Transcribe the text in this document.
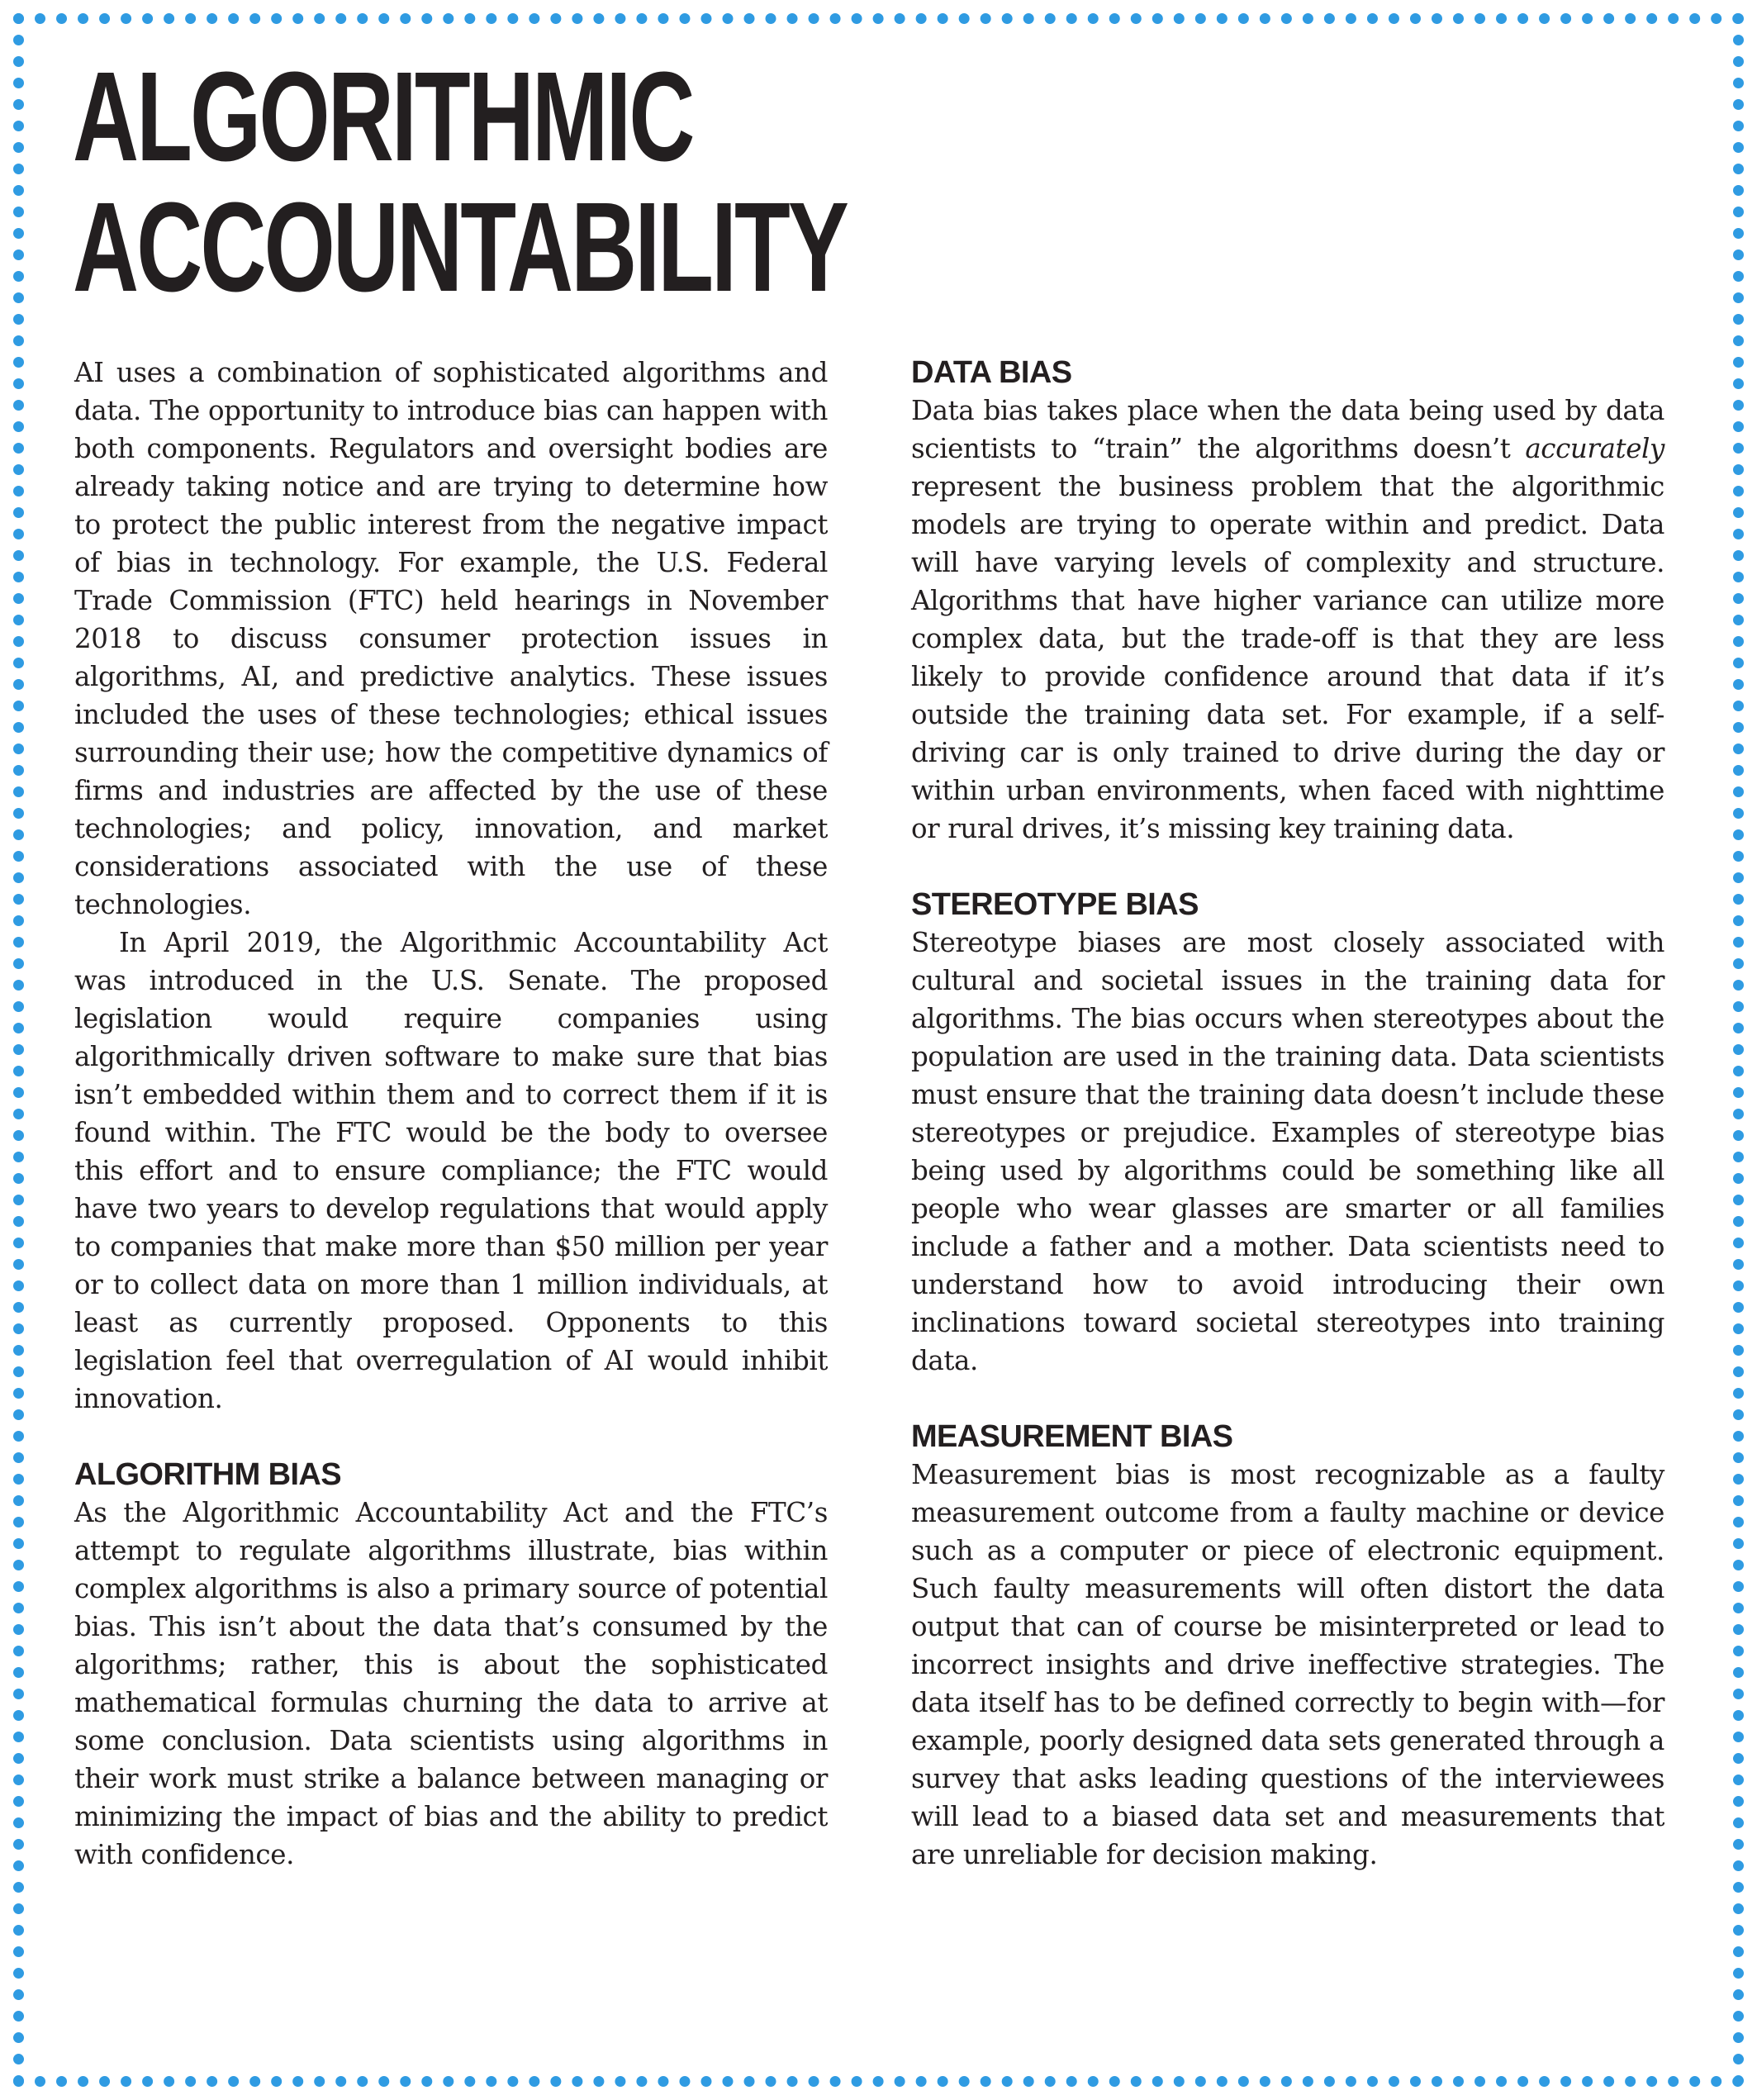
ALGORITHMIC
ACCOUNTABILITY

AI uses a combination of sophisticated algorithms and data. The opportunity to introduce bias can happen with both components. Regulators and oversight bodies are already taking notice and are trying to determine how to protect the public interest from the negative impact of bias in technology. For example, the U.S. Federal Trade Commission (FTC) held hearings in November 2018 to discuss consumer protection issues in algorithms, AI, and predictive analytics. These issues included the uses of these technologies; ethical issues surrounding their use; how the competitive dynamics of firms and industries are affected by the use of these technologies; and policy, innovation, and market considerations associated with the use of these technologies.

In April 2019, the Algorithmic Accountability Act was introduced in the U.S. Senate. The proposed legislation would require companies using algorithmically driven software to make sure that bias isn’t embedded within them and to correct them if it is found within. The FTC would be the body to oversee this effort and to ensure compliance; the FTC would have two years to develop regulations that would apply to companies that make more than $50 million per year or to collect data on more than 1 million individuals, at least as currently proposed. Opponents to this legislation feel that overregulation of AI would inhibit innovation.

ALGORITHM BIAS

As the Algorithmic Accountability Act and the FTC’s attempt to regulate algorithms illustrate, bias within complex algorithms is also a primary source of potential bias. This isn’t about the data that’s consumed by the algorithms; rather, this is about the sophisticated mathematical formulas churning the data to arrive at some conclusion. Data scientists using algorithms in their work must strike a balance between managing or minimizing the impact of bias and the ability to predict with confidence.

DATA BIAS

Data bias takes place when the data being used by data scientists to “train” the algorithms doesn’t accurately represent the business problem that the algorithmic models are trying to operate within and predict. Data will have varying levels of complexity and structure. Algorithms that have higher variance can utilize more complex data, but the trade-off is that they are less likely to provide confidence around that data if it’s outside the training data set. For example, if a self-driving car is only trained to drive during the day or within urban environments, when faced with nighttime or rural drives, it’s missing key training data.

STEREOTYPE BIAS

Stereotype biases are most closely associated with cultural and societal issues in the training data for algorithms. The bias occurs when stereotypes about the population are used in the training data. Data scientists must ensure that the training data doesn’t include these stereotypes or prejudice. Examples of stereotype bias being used by algorithms could be something like all people who wear glasses are smarter or all families include a father and a mother. Data scientists need to understand how to avoid introducing their own inclinations toward societal stereotypes into training data.

MEASUREMENT BIAS

Measurement bias is most recognizable as a faulty measurement outcome from a faulty machine or device such as a computer or piece of electronic equipment. Such faulty measurements will often distort the data output that can of course be misinterpreted or lead to incorrect insights and drive ineffective strategies. The data itself has to be defined correctly to begin with—for example, poorly designed data sets generated through a survey that asks leading questions of the interviewees will lead to a biased data set and measurements that are unreliable for decision making.
